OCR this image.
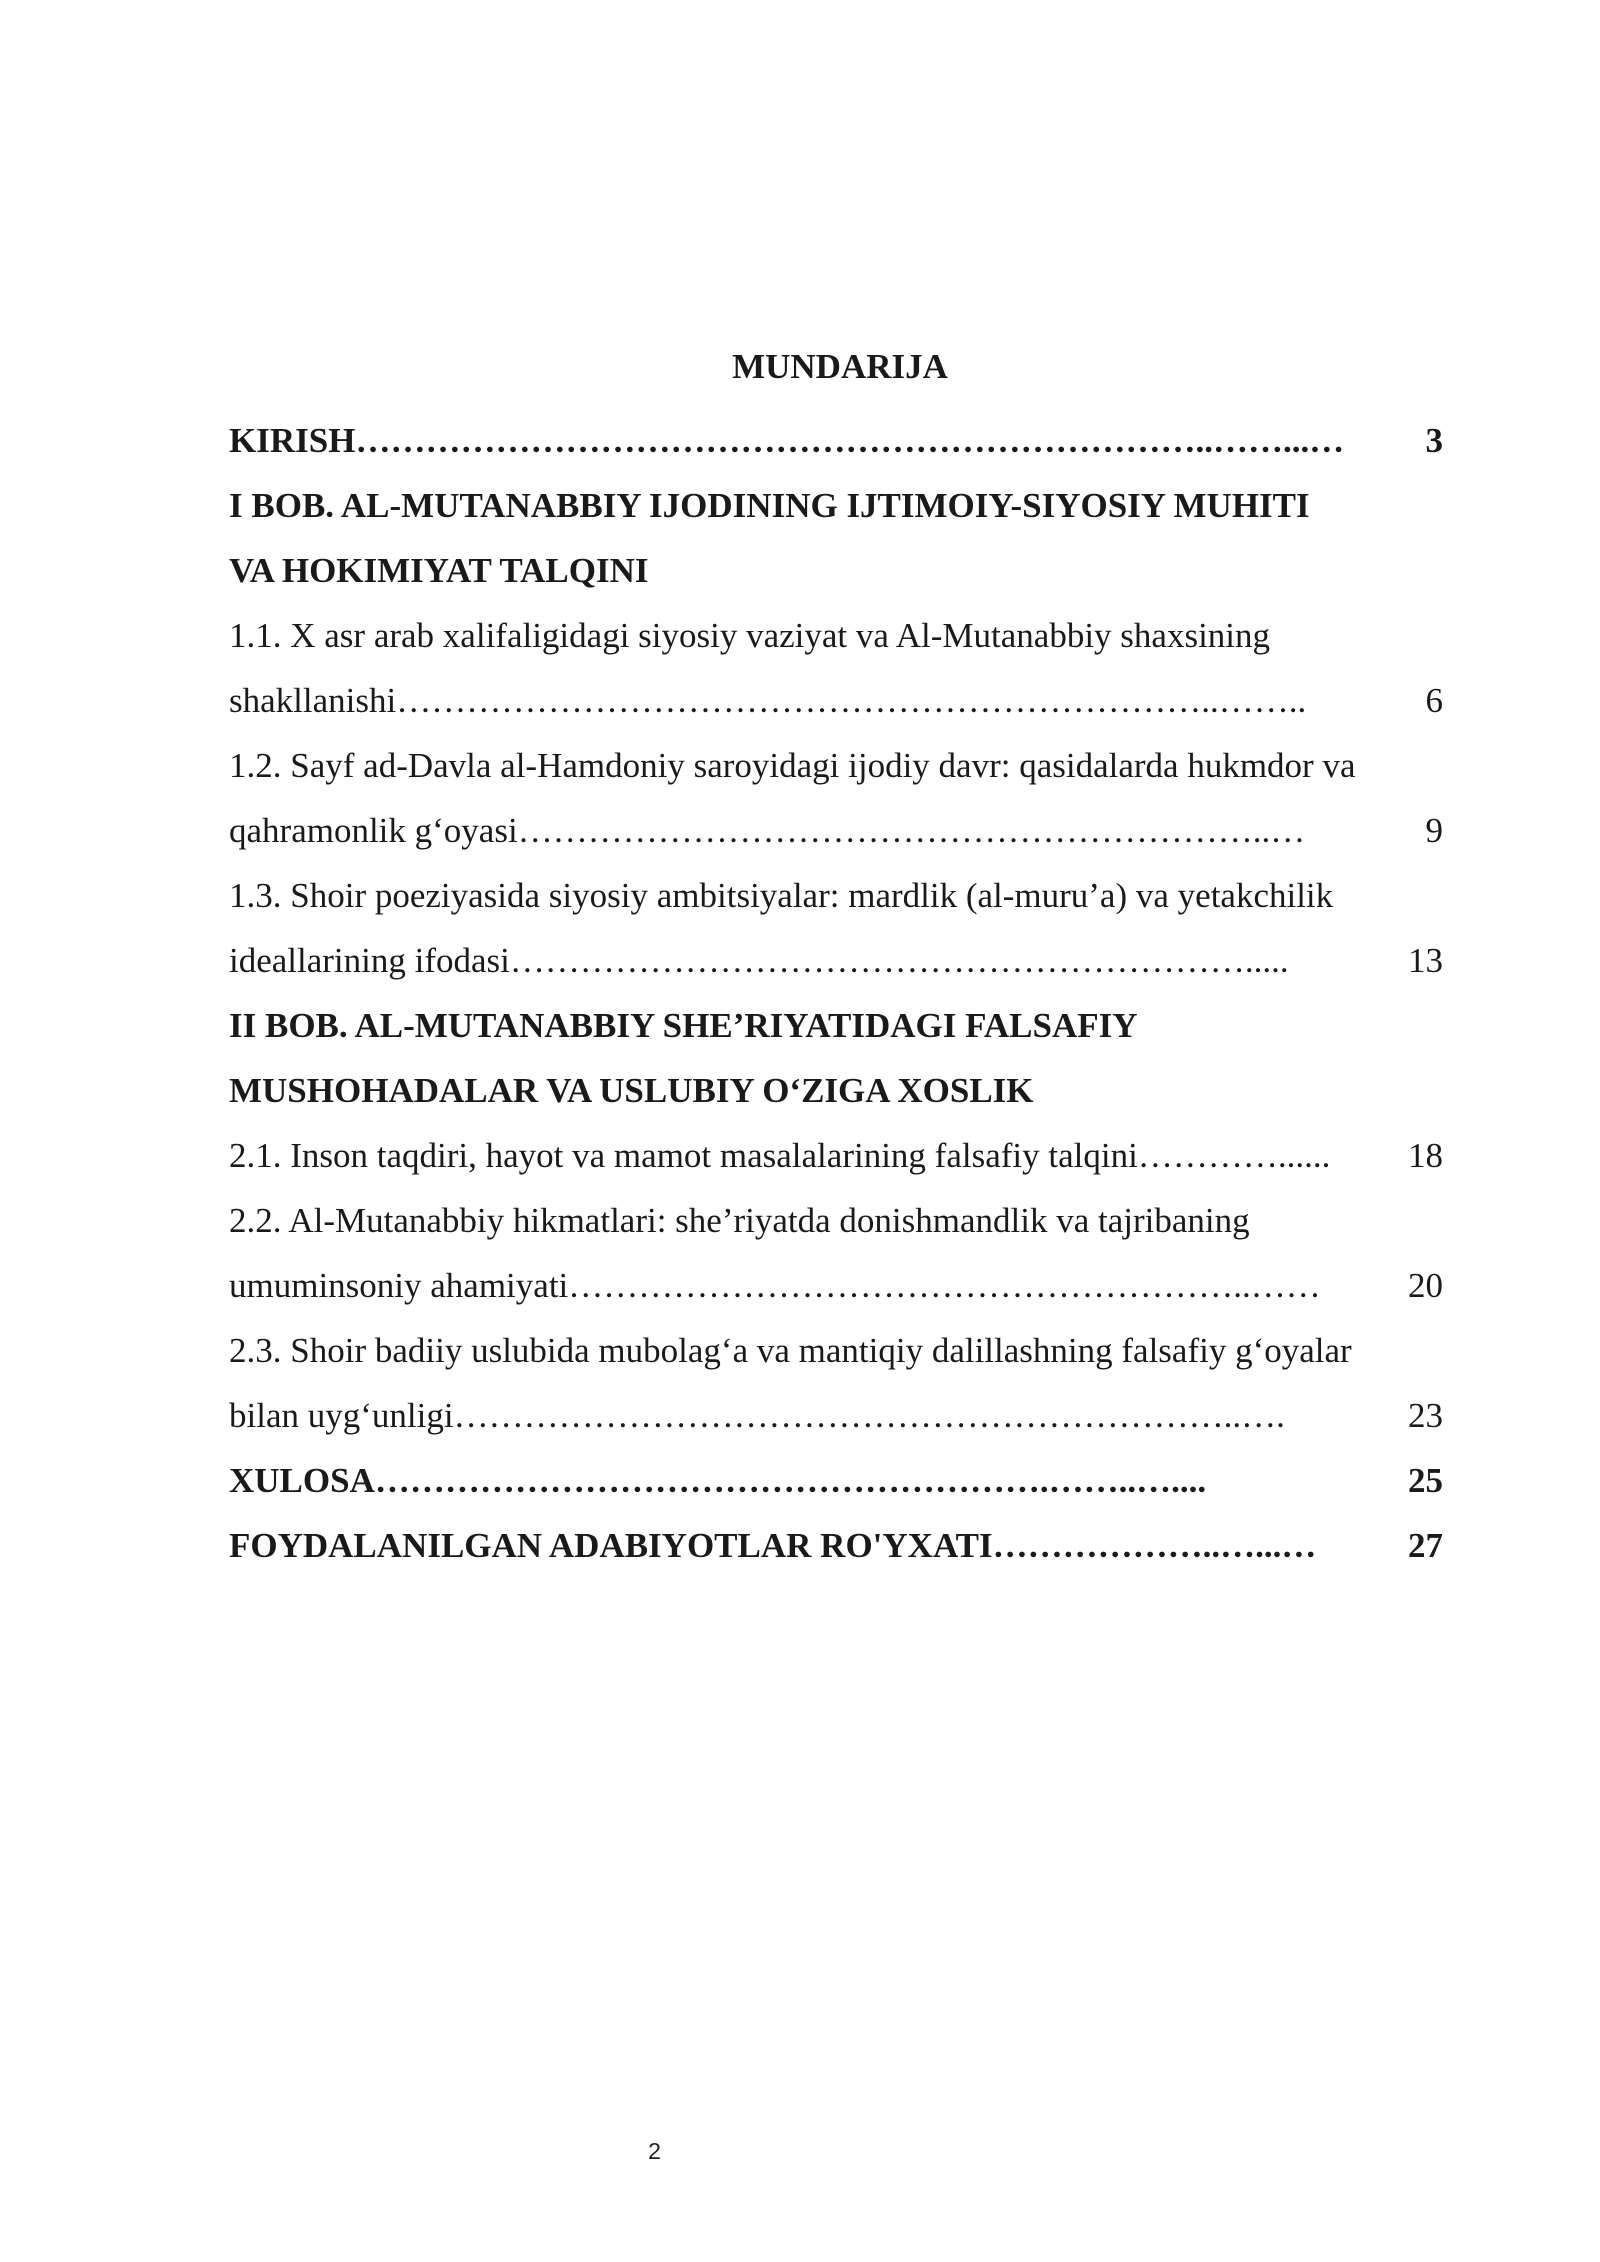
MUNDARIJA
KIRISH ………………………………………………………………..……...…	3
I BOB. AL-MUTANABBIY IJODINING IJTIMOIY-SIYOSIY MUHITI
VA HOKIMIYAT TALQINI
1.1. X asr arab xalifaligidagi siyosiy vaziyat va Al-Mutanabbiy shaxsining
shakllanishi ……………………………………………………………..……..	6
1.2. Sayf ad-Davla al-Hamdoniy saroyidagi ijodiy davr: qasidalarda hukmdor va
qahramonlik g‘oyasi ………………………………………………………..…	9
1.3. Shoir poeziyasida siyosiy ambitsiyalar: mardlik (al-muru’a) va yetakchilik
ideallarining ifodasi ……………………………………………………….....	13
II BOB. AL-MUTANABBIY SHE’RIYATIDAGI FALSAFIY
MUSHOHADALAR VA USLUBIY O‘ZIGA XOSLIK
2.1. Inson taqdiri, hayot va mamot masalalarining falsafiy talqini …………......	18
2.2. Al-Mutanabbiy hikmatlari: she’riyatda donishmandlik va tajribaning
umuminsoniy ahamiyati …………………………………………………..……	20
2.3. Shoir badiiy uslubida mubolag‘a va mantiqiy dalillashning falsafiy g‘oyalar
bilan uyg‘unligi …………………………………………………………..….	23
XULOSA ………………………………………………….……..…....	25
FOYDALANILGAN ADABIYOTLAR RO'YXATI ………………..…...…	27
2
